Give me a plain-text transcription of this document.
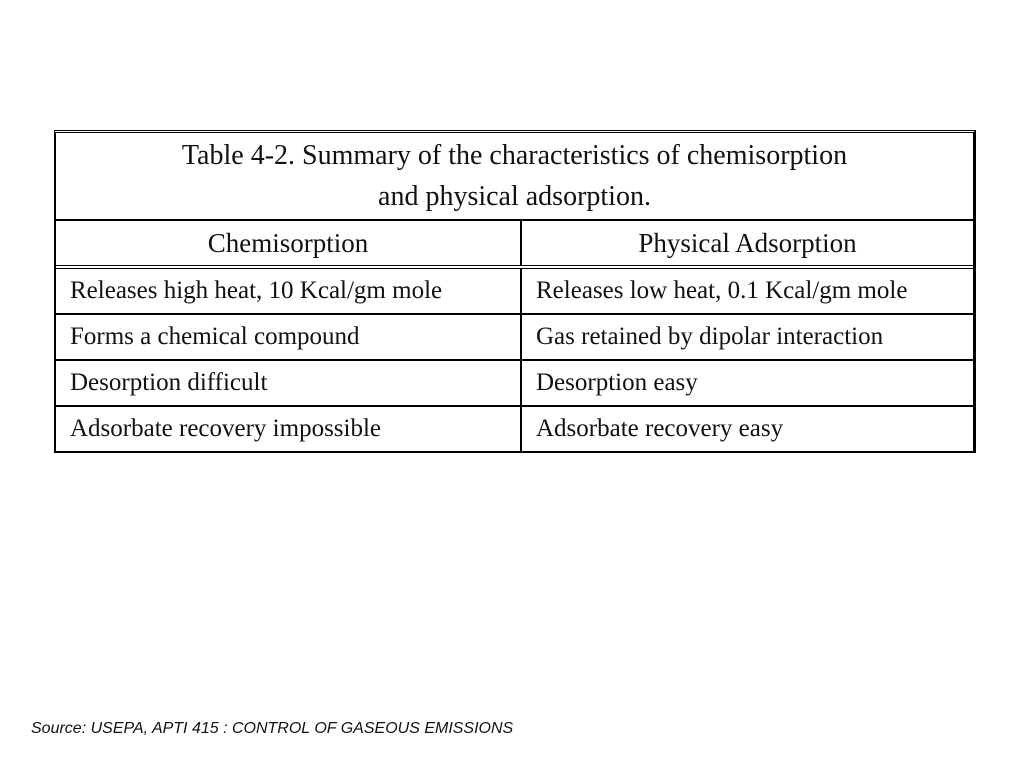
Table 4-2. Summary of the characteristics of chemisorption
and physical adsorption.
Chemisorption	Physical Adsorption
Releases high heat, 10 Kcal/gm mole	Releases low heat, 0.1 Kcal/gm mole
Forms a chemical compound	Gas retained by dipolar interaction
Desorption difficult	Desorption easy
Adsorbate recovery impossible	Adsorbate recovery easy
Source: USEPA, APTI 415 : CONTROL OF GASEOUS EMISSIONS
